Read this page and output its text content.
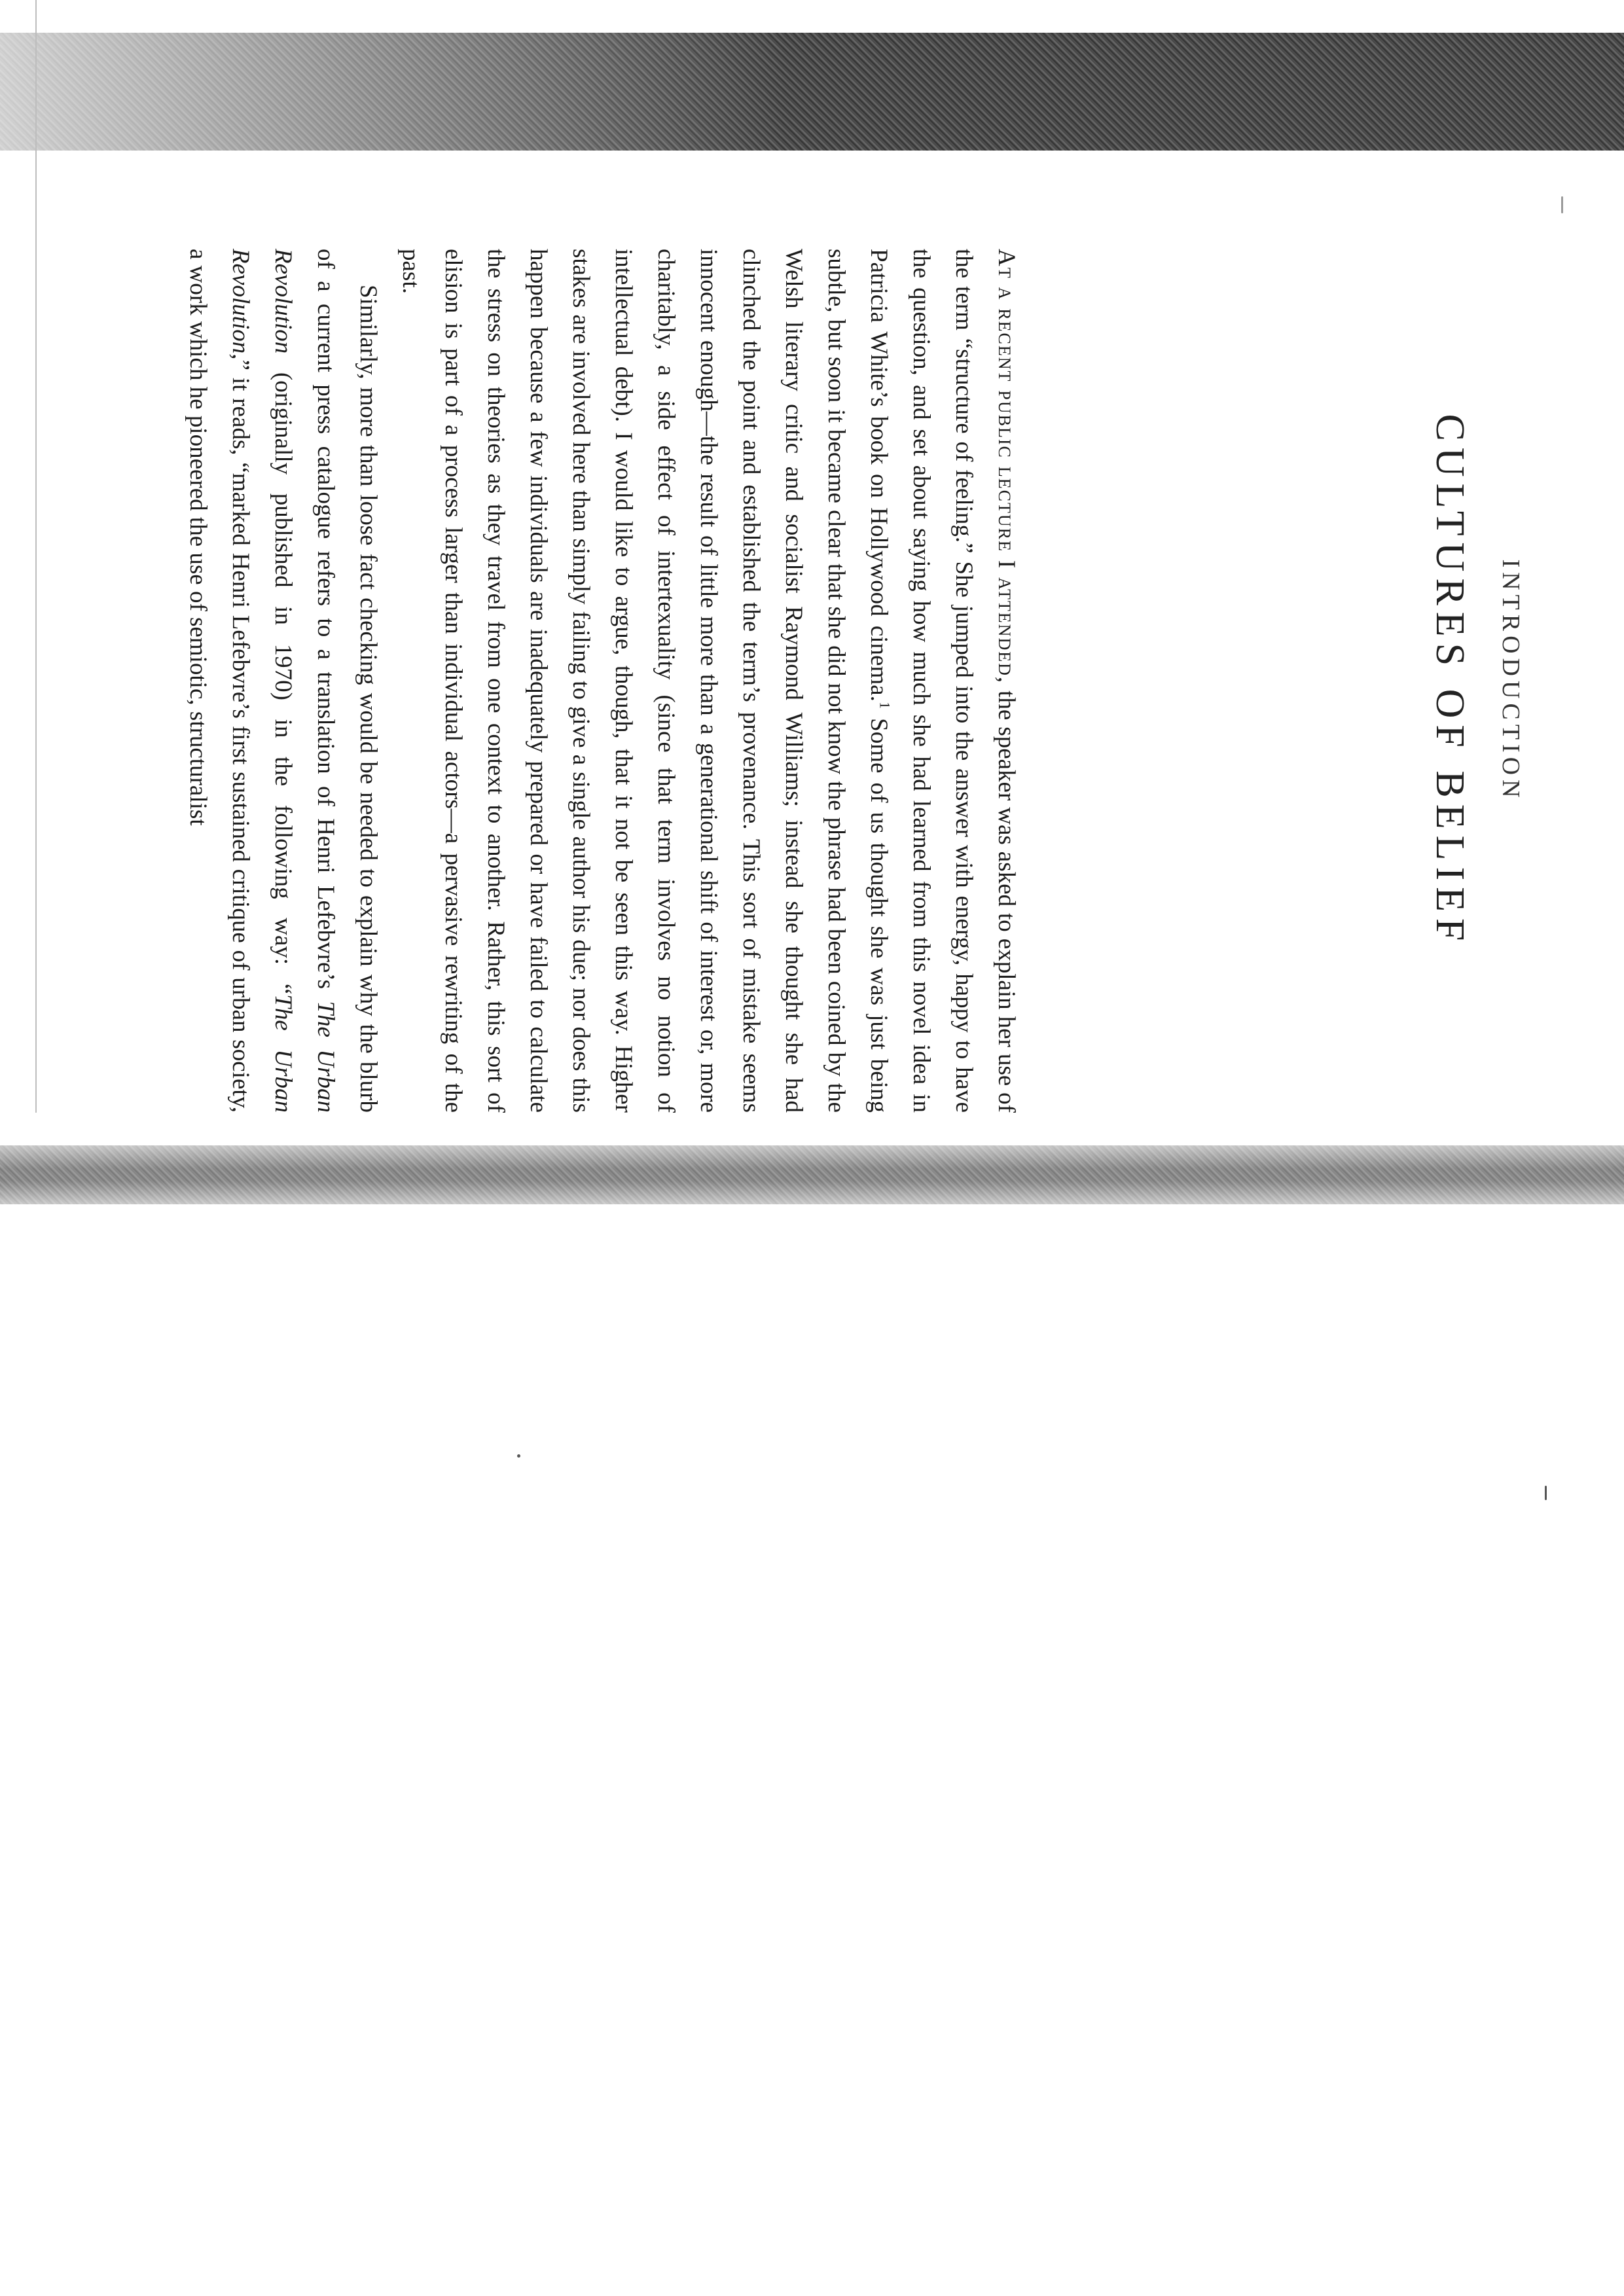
INTRODUCTION
CULTURES OF BELIEF

At a recent public lecture I attended, the speaker was asked to explain her use of the term “structure of feeling.” She jumped into the answer with energy, happy to have the question, and set about saying how much she had learned from this novel idea in Patricia White’s book on Hollywood cinema.$^1$ Some of us thought she was just being subtle, but soon it became clear that she did not know the phrase had been coined by the Welsh literary critic and socialist Raymond Williams; instead she thought she had clinched the point and established the term’s provenance. This sort of mistake seems innocent enough—the result of little more than a generational shift of interest or, more charitably, a side effect of intertexuality (since that term involves no notion of intellectual debt). I would like to argue, though, that it not be seen this way. Higher stakes are involved here than simply failing to give a single author his due; nor does this happen because a few individuals are inadequately prepared or have failed to calculate the stress on theories as they travel from one context to another. Rather, this sort of elision is part of a process larger than individual actors—a pervasive rewriting of the past.

Similarly, more than loose fact checking would be needed to explain why the blurb of a current press catalogue refers to a translation of Henri Lefebvre’s The Urban Revolution (originally published in 1970) in the following way: “The Urban Revolution,” it reads, “marked Henri Lefebvre’s first sustained critique of urban society, a work which he pioneered the use of semiotic, structuralist
